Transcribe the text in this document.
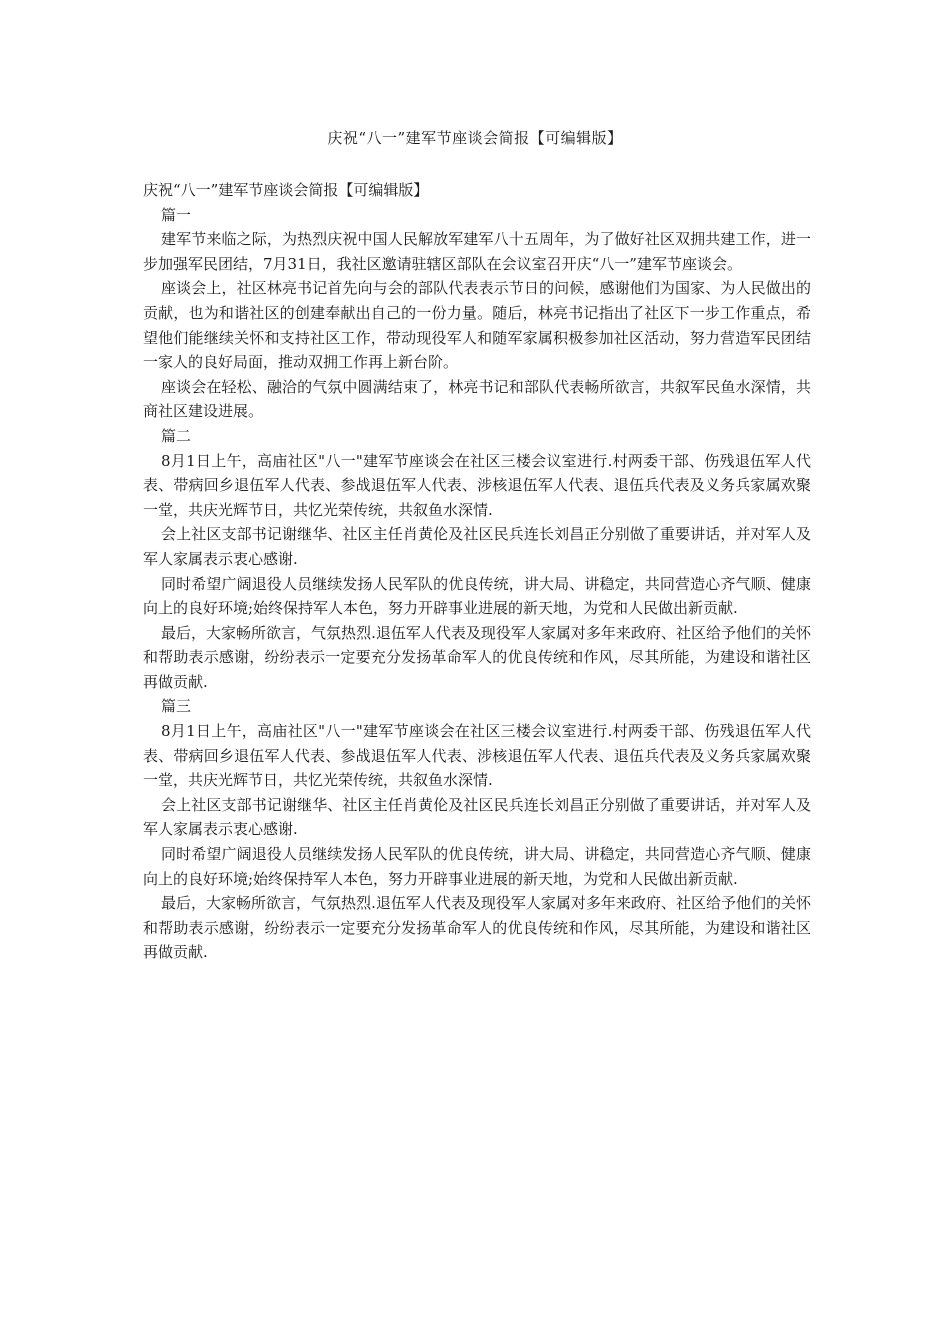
庆祝“八一”建军节座谈会简报【可编辑版】

庆祝“八一”建军节座谈会简报【可编辑版】

篇一

建军节来临之际，为热烈庆祝中国人民解放军建军八十五周年，为了做好社区双拥共建工作，进一步加强军民团结，7月31日，我社区邀请驻辖区部队在会议室召开庆“八一”建军节座谈会。

座谈会上，社区林亮书记首先向与会的部队代表表示节日的问候，感谢他们为国家、为人民做出的贡献，也为和谐社区的创建奉献出自己的一份力量。随后，林亮书记指出了社区下一步工作重点，希望他们能继续关怀和支持社区工作，带动现役军人和随军家属积极参加社区活动，努力营造军民团结一家人的良好局面，推动双拥工作再上新台阶。

座谈会在轻松、融洽的气氛中圆满结束了，林亮书记和部队代表畅所欲言，共叙军民鱼水深情，共商社区建设进展。

篇二

8月1日上午，高庙社区"八一"建军节座谈会在社区三楼会议室进行.村两委干部、伤残退伍军人代表、带病回乡退伍军人代表、参战退伍军人代表、涉核退伍军人代表、退伍兵代表及义务兵家属欢聚一堂，共庆光辉节日，共忆光荣传统，共叙鱼水深情.

会上社区支部书记谢继华、社区主任肖黄伦及社区民兵连长刘昌正分别做了重要讲话，并对军人及军人家属表示衷心感谢.

同时希望广阔退役人员继续发扬人民军队的优良传统，讲大局、讲稳定，共同营造心齐气顺、健康向上的良好环境;始终保持军人本色，努力开辟事业进展的新天地，为党和人民做出新贡献.

最后，大家畅所欲言，气氛热烈.退伍军人代表及现役军人家属对多年来政府、社区给予他们的关怀和帮助表示感谢，纷纷表示一定要充分发扬革命军人的优良传统和作风，尽其所能，为建设和谐社区再做贡献.

篇三

8月1日上午，高庙社区"八一"建军节座谈会在社区三楼会议室进行.村两委干部、伤残退伍军人代表、带病回乡退伍军人代表、参战退伍军人代表、涉核退伍军人代表、退伍兵代表及义务兵家属欢聚一堂，共庆光辉节日，共忆光荣传统，共叙鱼水深情.

会上社区支部书记谢继华、社区主任肖黄伦及社区民兵连长刘昌正分别做了重要讲话，并对军人及军人家属表示衷心感谢.

同时希望广阔退役人员继续发扬人民军队的优良传统，讲大局、讲稳定，共同营造心齐气顺、健康向上的良好环境;始终保持军人本色，努力开辟事业进展的新天地，为党和人民做出新贡献.

最后，大家畅所欲言，气氛热烈.退伍军人代表及现役军人家属对多年来政府、社区给予他们的关怀和帮助表示感谢，纷纷表示一定要充分发扬革命军人的优良传统和作风，尽其所能，为建设和谐社区再做贡献.
